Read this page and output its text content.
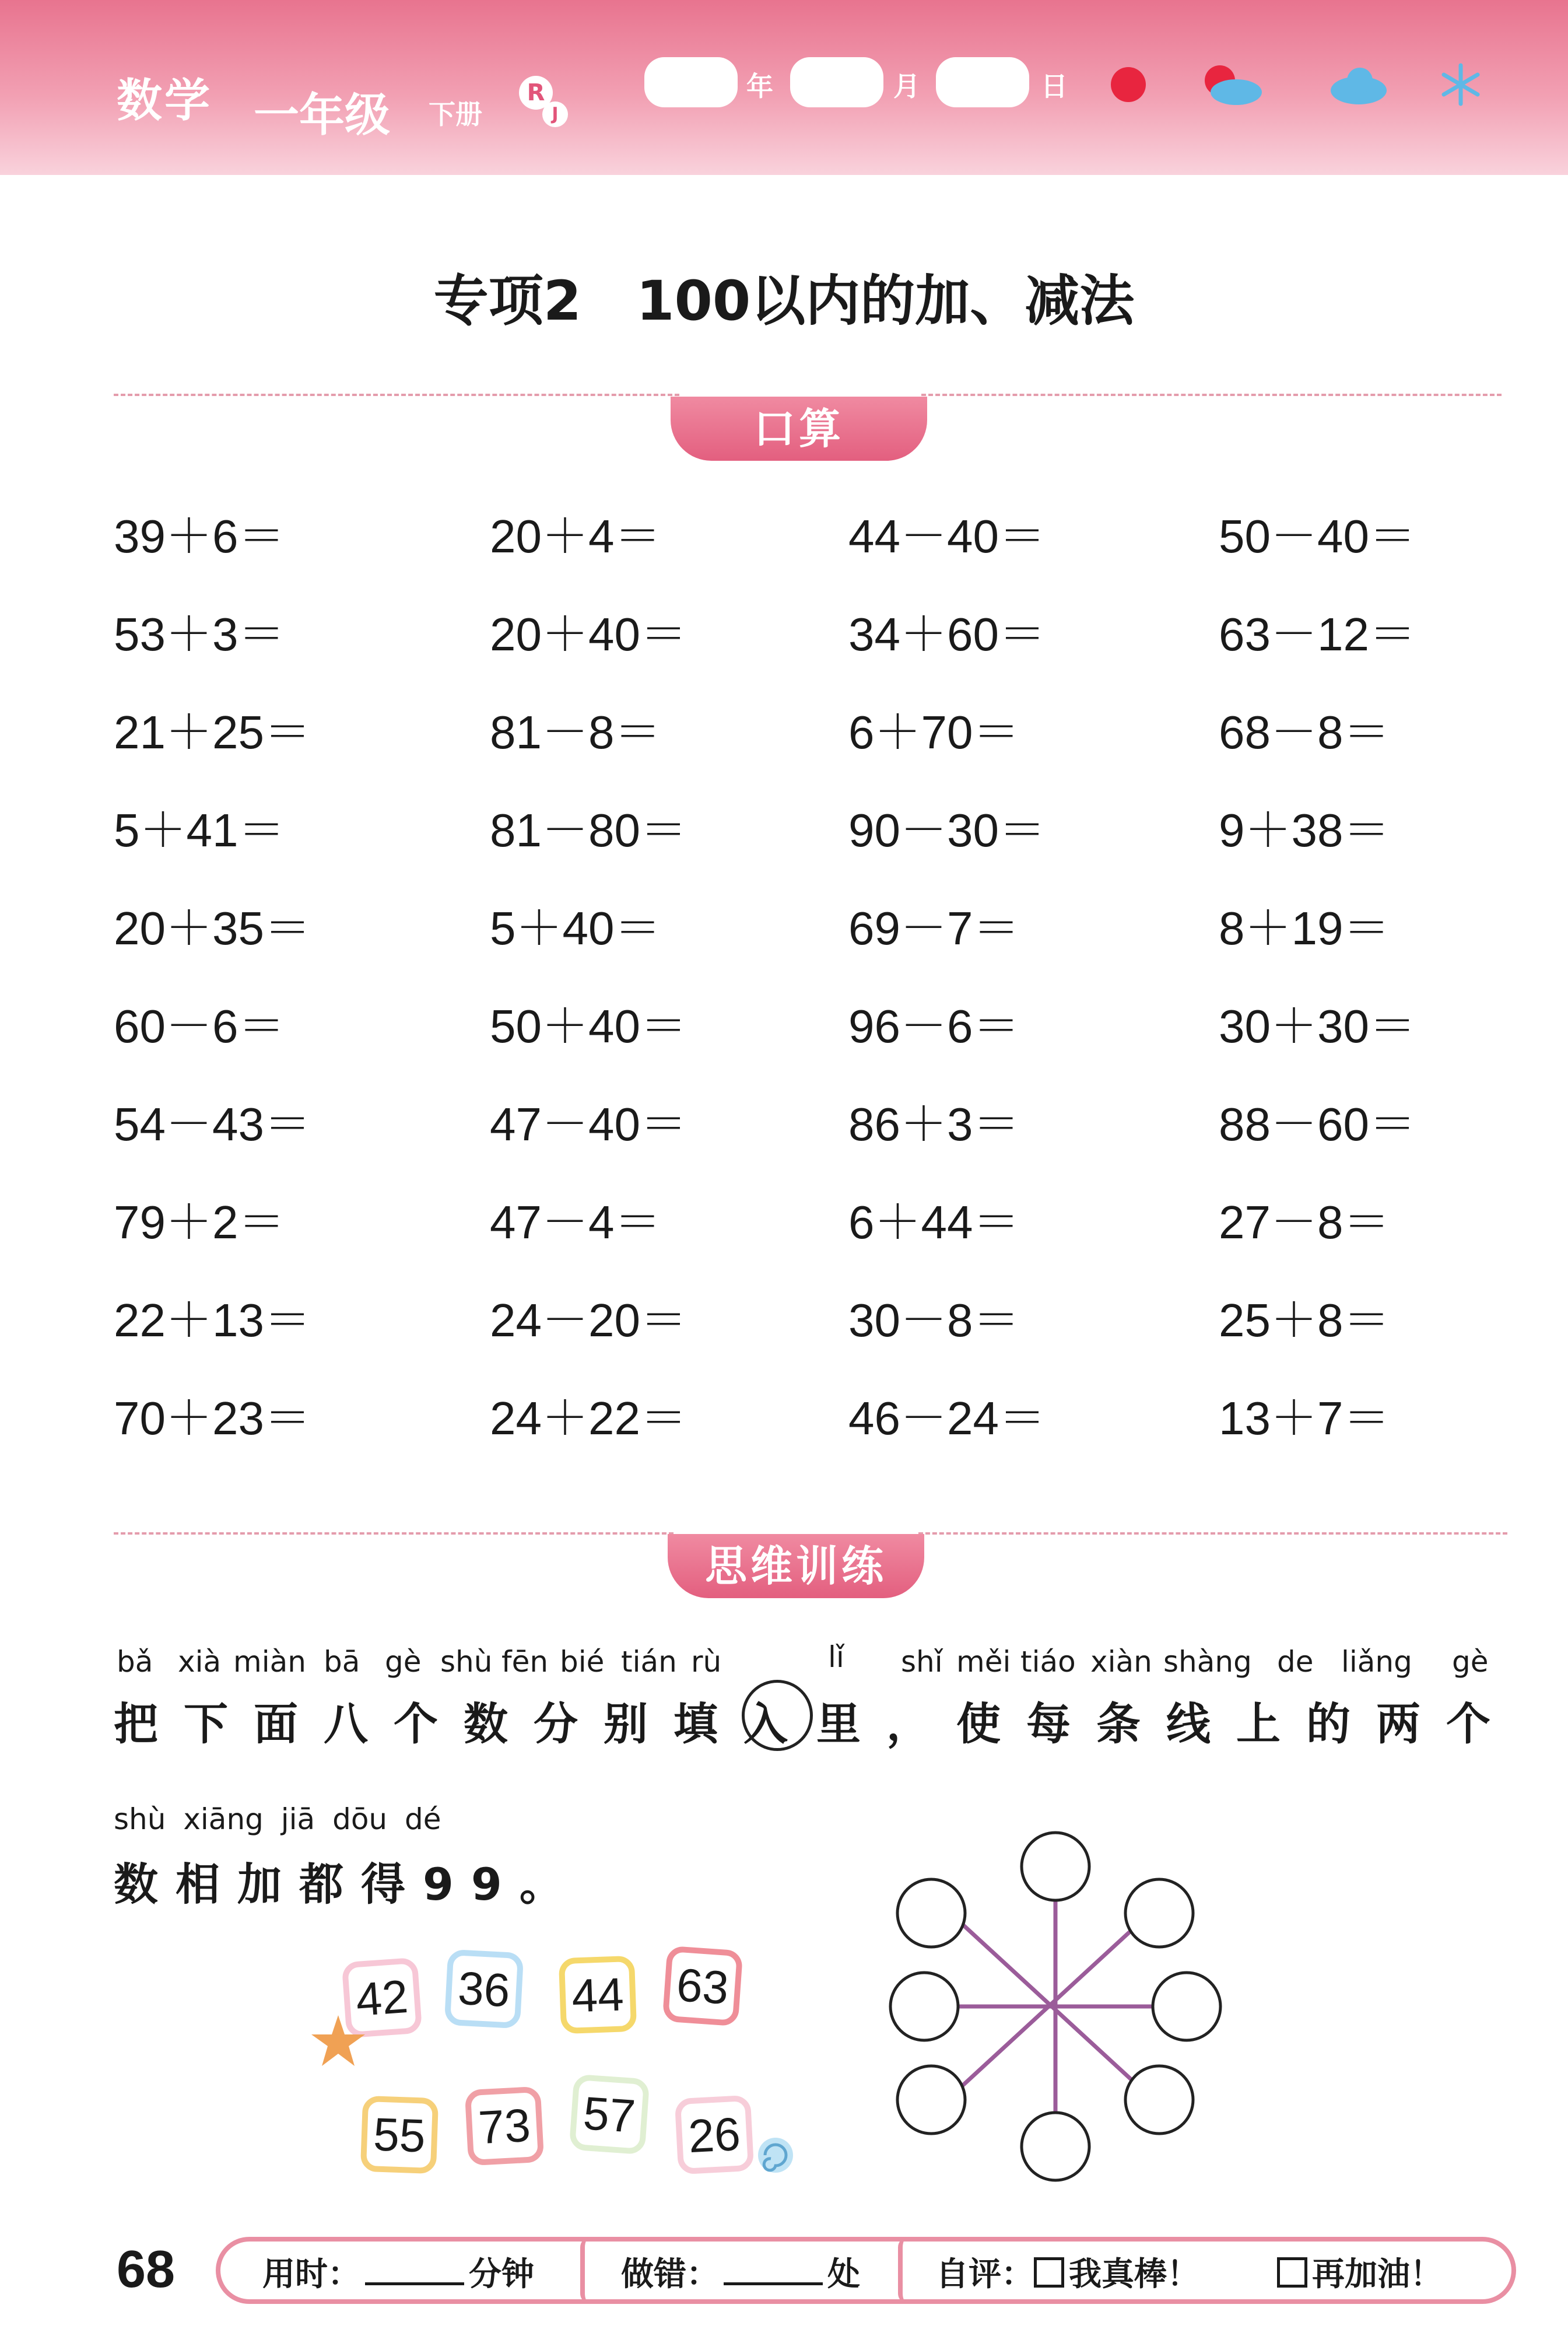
数学 一年级 下册
R
J
年	月	日
专项2　100以内的加、减法
口算
39＋6＝	20＋4＝	44－40＝	50－40＝
53＋3＝	20＋40＝	34＋60＝	63－12＝
21＋25＝	81－8＝	6＋70＝	68－8＝
5＋41＝	81－80＝	90－30＝	9＋38＝
20＋35＝	5＋40＝	69－7＝	8＋19＝
60－6＝	50＋40＝	96－6＝	30＋30＝
54－43＝	47－40＝	86＋3＝	88－60＝
79＋2＝	47－4＝	6＋44＝	27－8＝
22＋13＝	24－20＝	30－8＝	25＋8＝
70＋23＝	24＋22＝	46－24＝	13＋7＝
思维训练
bǎ xià miàn bā gè shù fēn bié tián rù	lǐ shǐ měi tiáo xiàn shàng de liǎng gè
把下面八个数分别填入 里，使每条线上的两个
shù xiāng jiā dōu dé
数相加都得99。
42 36 44 63
55 73 57 26
68	用时：	分钟	做错：	处 自评： 我真棒！	再加油！
